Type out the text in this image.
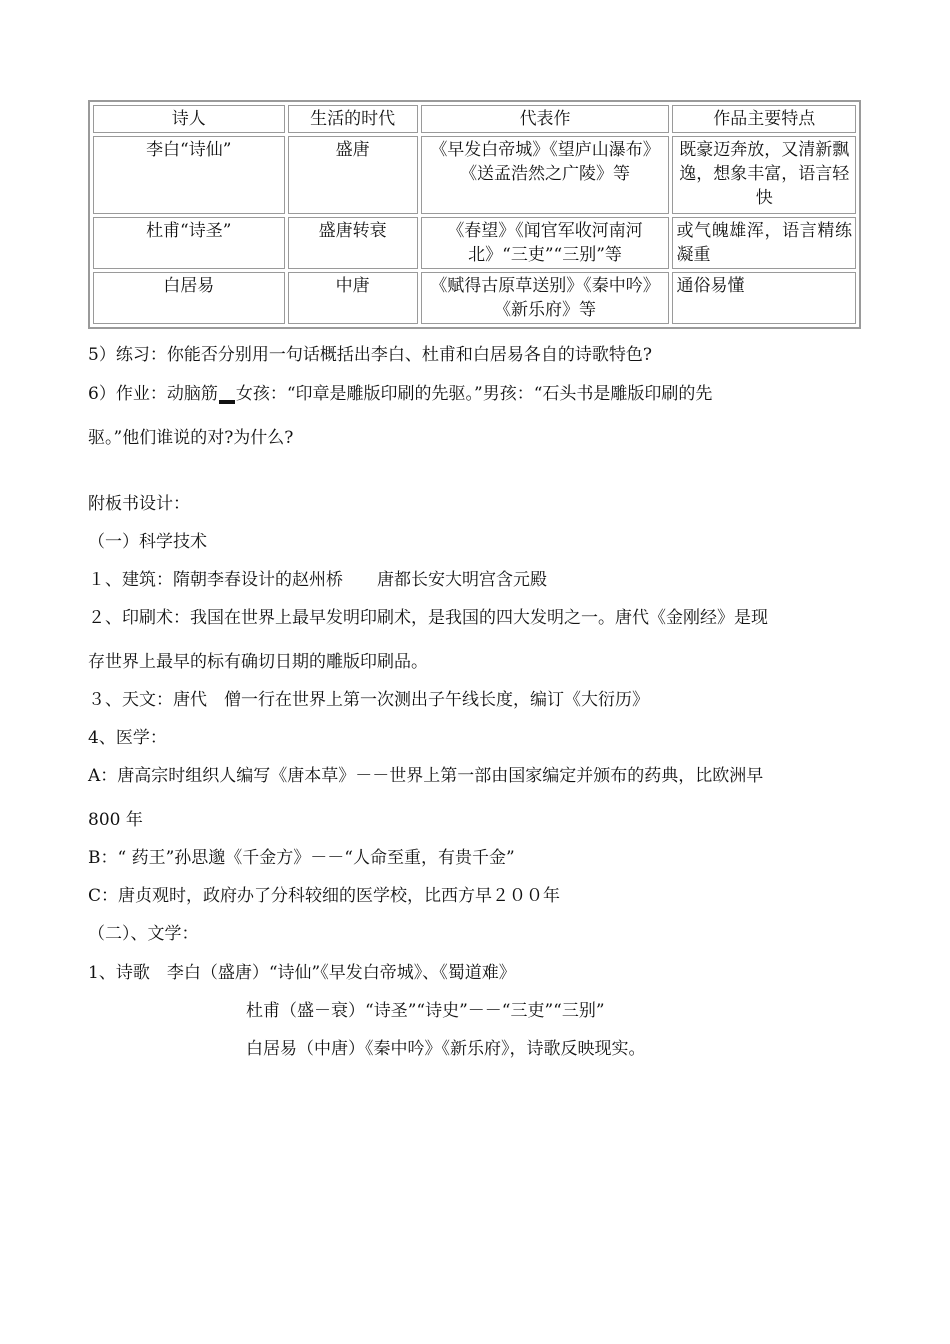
诗人	生活的时代	代表作	作品主要特点
李白“诗仙”	盛唐	《早发白帝城》《望庐山瀑布》《送孟浩然之广陵》等	既豪迈奔放，又清新飘逸，想象丰富，语言轻快
杜甫“诗圣”	盛唐转衰	《春望》《闻官军收河南河北》“三吏”“三别”等	或气魄雄浑，语言精练凝重
白居易	中唐	《赋得古原草送别》《秦中吟》《新乐府》等	通俗易懂
5）练习：你能否分别用一句话概括出李白、杜甫和白居易各自的诗歌特色?
6）作业：动脑筋 女孩：“印章是雕版印刷的先驱。”男孩：“石头书是雕版印刷的先
驱。”他们谁说的对?为什么?
附板书设计：
（一）科学技术
１、建筑：隋朝李春设计的赵州桥　　唐都长安大明宫含元殿
２、印刷术：我国在世界上最早发明印刷术，是我国的四大发明之一。唐代《金刚经》是现
存世界上最早的标有确切日期的雕版印刷品。
３、天文：唐代　僧一行在世界上第一次测出子午线长度，编订《大衍历》
4、医学：
A：唐高宗时组织人编写《唐本草》－－世界上第一部由国家编定并颁布的药典，比欧洲早
800 年
B：“ 药王”孙思邈《千金方》－－“人命至重，有贵千金”
C：唐贞观时，政府办了分科较细的医学校，比西方早２００年
（二）、文学：
1、诗歌　李白（盛唐）“诗仙”《早发白帝城》、《蜀道难》
杜甫（盛－衰）“诗圣”“诗史”－－“三吏”“三别”
白居易（中唐）《秦中吟》《新乐府》，诗歌反映现实。
